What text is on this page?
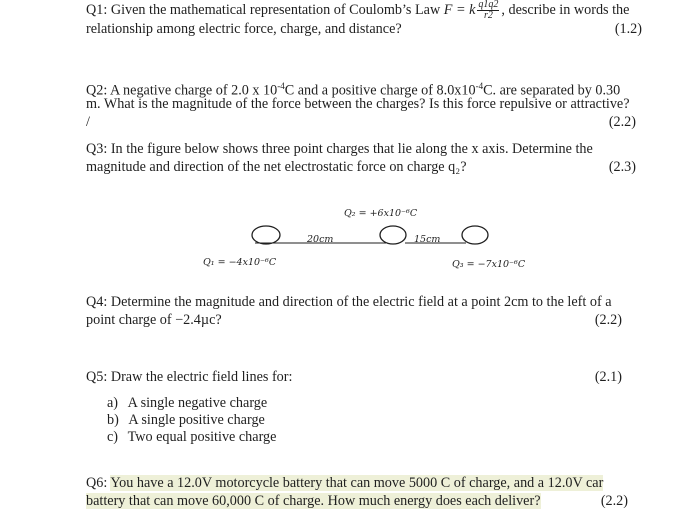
Q1: Given the mathematical representation of Coulomb’s Law F = k $\frac{q1q2}{r2}$ , describe in words the
relationship among electric force, charge, and distance?	(1.2)
Q2: A negative charge of 2.0 x $10^{-4}C$ and a positive charge of $8.0x10^{-4}C$. are separated by 0.30
m. What is the magnitude of the force between the charges? Is this force repulsive or attractive?
/	(2.2)
Q3: In the figure below shows three point charges that lie along the x axis. Determine the
magnitude and direction of the net electrostatic force on charge q₂?	(2.3)
Q₂ = +6x10⁻⁶C
20cm	15cm
Q₁ = −4x10⁻⁶C	Q₃ = −7x10⁻⁶C
Q4: Determine the magnitude and direction of the electric field at a point 2cm to the left of a
point charge of −2.4µc?	(2.2)
Q5: Draw the electric field lines for:	(2.1)
a) A single negative charge
b) A single positive charge
c) Two equal positive charge
Q6: You have a 12.0V motorcycle battery that can move 5000 C of charge, and a 12.0V car
battery that can move 60,000 C of charge. How much energy does each deliver?	(2.2)
